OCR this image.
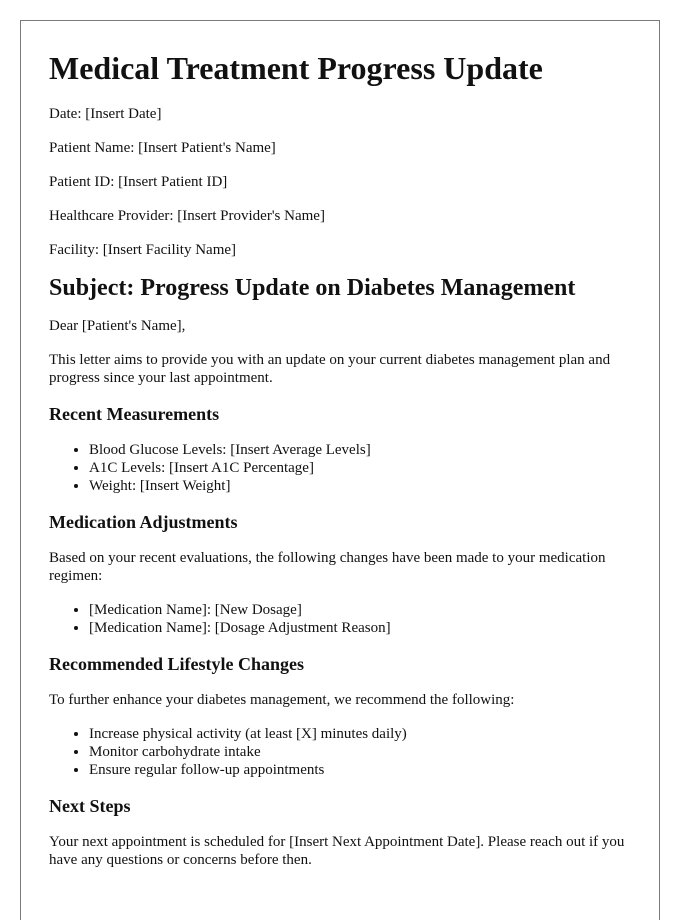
Medical Treatment Progress Update

Date: [Insert Date]

Patient Name: [Insert Patient's Name]

Patient ID: [Insert Patient ID]

Healthcare Provider: [Insert Provider's Name]

Facility: [Insert Facility Name]

Subject: Progress Update on Diabetes Management

Dear [Patient's Name],

This letter aims to provide you with an update on your current diabetes management plan and progress since your last appointment.

Recent Measurements
• Blood Glucose Levels: [Insert Average Levels]
• A1C Levels: [Insert A1C Percentage]
• Weight: [Insert Weight]
Medication Adjustments

Based on your recent evaluations, the following changes have been made to your medication regimen:

• [Medication Name]: [New Dosage]
• [Medication Name]: [Dosage Adjustment Reason]
Recommended Lifestyle Changes

To further enhance your diabetes management, we recommend the following:

• Increase physical activity (at least [X] minutes daily)
• Monitor carbohydrate intake
• Ensure regular follow-up appointments
Next Steps

Your next appointment is scheduled for [Insert Next Appointment Date]. Please reach out if you have any questions or concerns before then.
